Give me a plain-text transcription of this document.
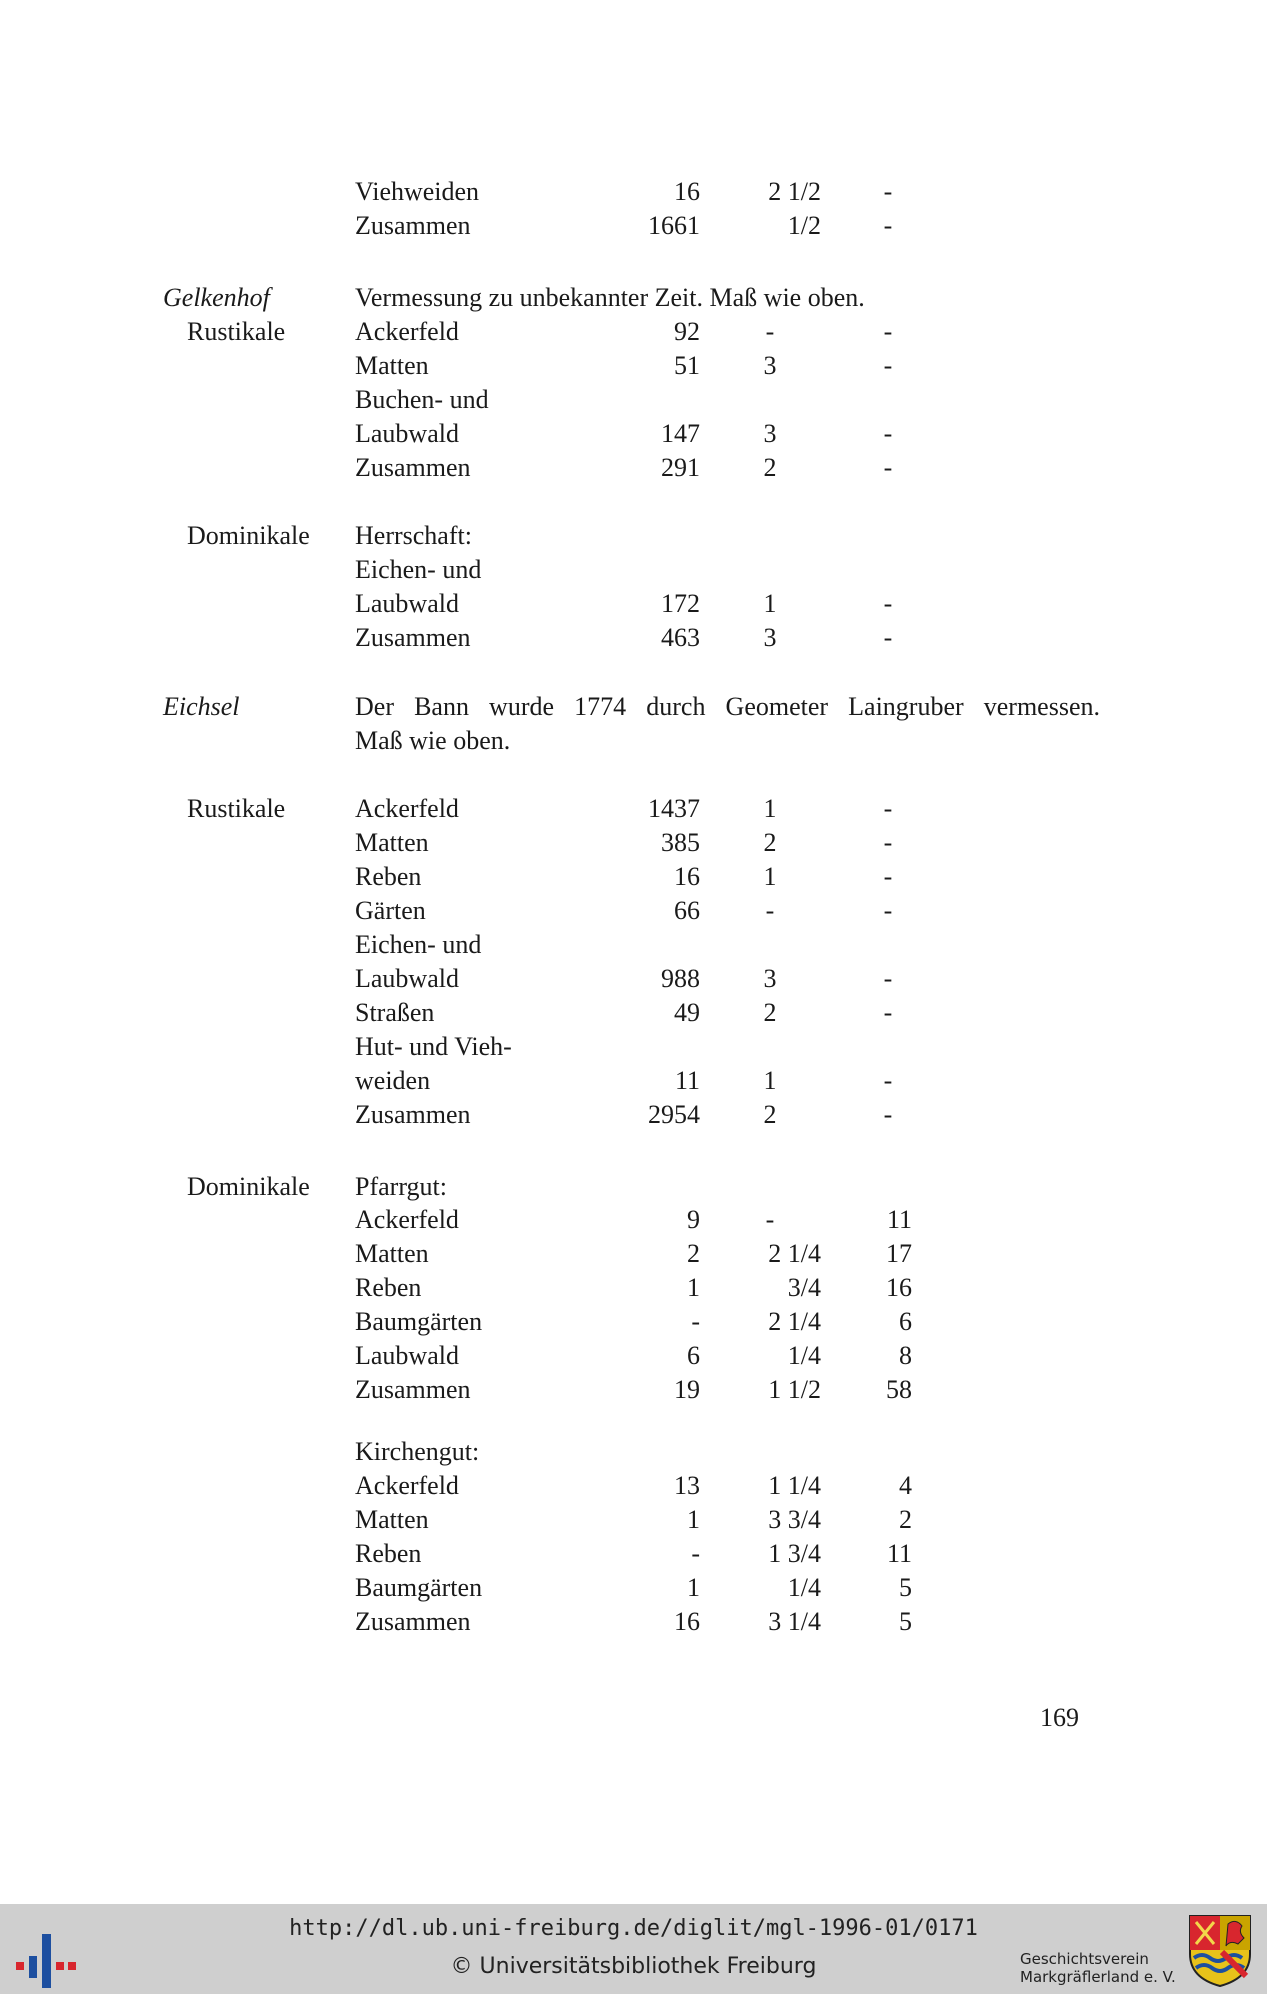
Viehweiden	16	2 1/2	-
Zusammen	1661	1/2	-
Gelkenhof	Vermessung zu unbekannter Zeit. Maß wie oben.
Rustikale	Ackerfeld	92	-	-
Matten	51	3	-
Buchen- und
Laubwald	147	3	-
Zusammen	291	2	-
Dominikale Herrschaft:
Eichen- und
Laubwald	172	1	-
Zusammen	463	3	-
Eichsel	Der Bann wurde 1774 durch Geometer Laingruber vermessen.
Maß wie oben.
Rustikale	Ackerfeld	1437	1	-
Matten	385	2	-
Reben	16	1	-
Gärten	66	-	-
Eichen- und
Laubwald	988	3	-
Straßen	49	2	-
Hut- und Vieh-
weiden	11	1	-
Zusammen	2954	2	-
Dominikale Pfarrgut:
Ackerfeld	9	-	11
Matten	2	2 1/4	17
Reben	1	3/4	16
Baumgärten	-	2 1/4	6
Laubwald	6	1/4	8
Zusammen	19	1 1/2	58
Kirchengut:
Ackerfeld	13	1 1/4	4
Matten	1	3 3/4	2
Reben	-	1 3/4	11
Baumgärten	1	1/4	5
Zusammen	16	3 1/4	5
169
http://dl.ub.uni-freiburg.de/diglit/mgl-1996-01/0171
© Universitätsbibliothek Freiburg	Geschichtsverein
Markgräflerland e. V.
